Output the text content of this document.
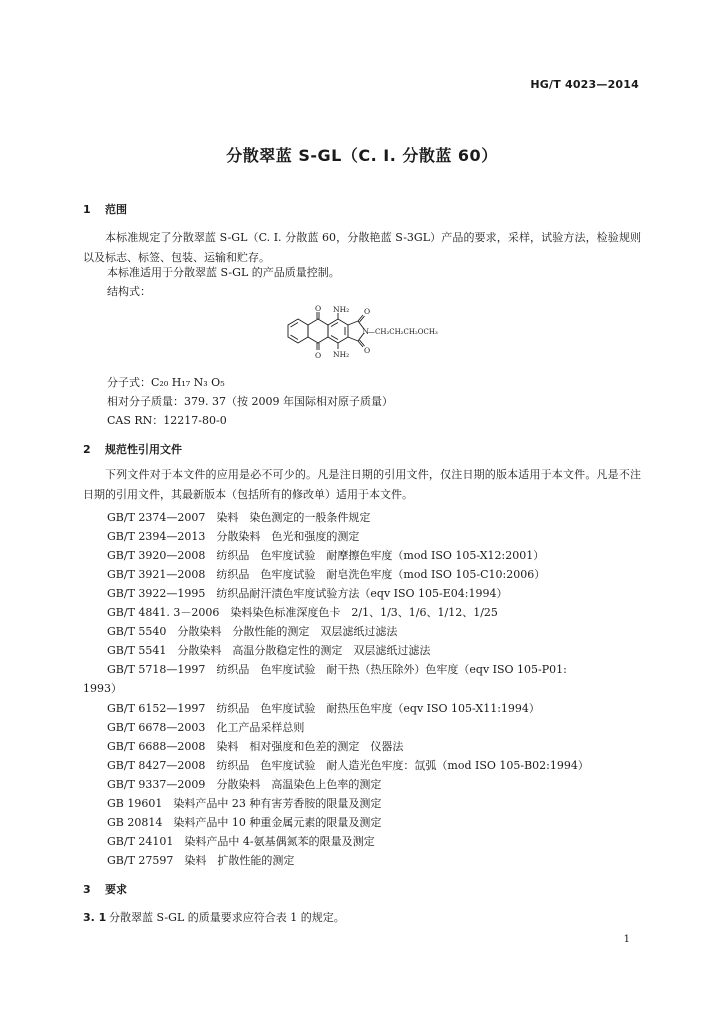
HG/T 4023—2014
分散翠蓝 S-GL（C. I. 分散蓝 60）
1 范围
本标准规定了分散翠蓝 S-GL（C. I. 分散蓝 60，分散艳蓝 S-3GL）产品的要求，采样，试验方法，检验规则以及标志、标签、包装、运输和贮存。
本标准适用于分散翠蓝 S-GL 的产品质量控制。
结构式：
O
O
NH₂
NH₂
O
O
N
—CH₂CH₂CH₂OCH₃
分子式：C₂₀ H₁₇ N₃ O₅
相对分子质量：379. 37（按 2009 年国际相对原子质量）
CAS RN：12217-80-0
2 规范性引用文件
下列文件对于本文件的应用是必不可少的。凡是注日期的引用文件，仅注日期的版本适用于本文件。凡是不注日期的引用文件，其最新版本（包括所有的修改单）适用于本文件。
GB/T 2374—2007　染料　染色测定的一般条件规定
GB/T 2394—2013　分散染料　色光和强度的测定
GB/T 3920—2008　纺织品　色牢度试验　耐摩擦色牢度（mod ISO 105-X12:2001）
GB/T 3921—2008　纺织品　色牢度试验　耐皂洗色牢度（mod ISO 105-C10:2006）
GB/T 3922—1995　纺织品耐汗渍色牢度试验方法（eqv ISO 105-E04:1994）
GB/T 4841. 3－2006　染料染色标准深度色卡　2/1、1/3、1/6、1/12、1/25
GB/T 5540　分散染料　分散性能的测定　双层滤纸过滤法
GB/T 5541　分散染料　高温分散稳定性的测定　双层滤纸过滤法
GB/T 5718—1997　纺织品　色牢度试验　耐干热（热压除外）色牢度（eqv ISO 105-P01:
1993）
GB/T 6152—1997　纺织品　色牢度试验　耐热压色牢度（eqv ISO 105-X11:1994）
GB/T 6678—2003　化工产品采样总则
GB/T 6688—2008　染料　相对强度和色差的测定　仪器法
GB/T 8427—2008　纺织品　色牢度试验　耐人造光色牢度：氙弧（mod ISO 105-B02:1994）
GB/T 9337—2009　分散染料　高温染色上色率的测定
GB 19601　染料产品中 23 种有害芳香胺的限量及测定
GB 20814　染料产品中 10 种重金属元素的限量及测定
GB/T 24101　染料产品中 4-氨基偶氮苯的限量及测定
GB/T 27597　染料　扩散性能的测定
3 要求
3. 1 分散翠蓝 S-GL 的质量要求应符合表 1 的规定。
1
